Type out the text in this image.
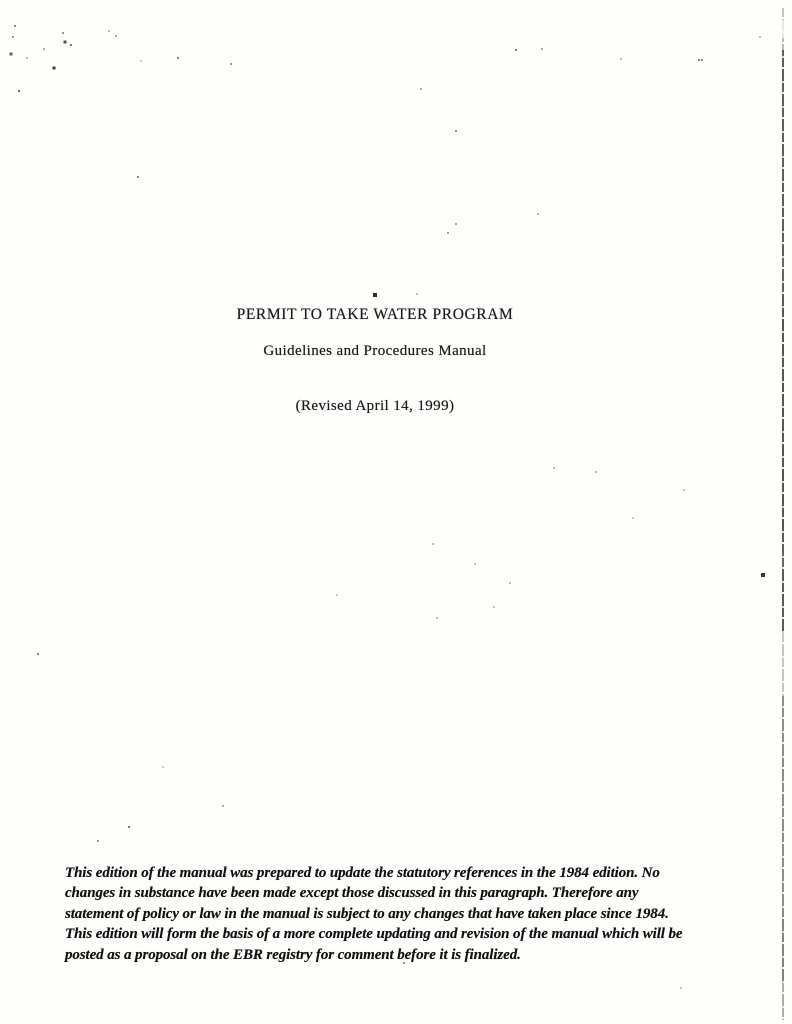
PERMIT TO TAKE WATER PROGRAM
Guidelines and Procedures Manual
(Revised April 14, 1999)
This edition of the manual was prepared to update the statutory references in the 1984 edition. No
changes in substance have been made except those discussed in this paragraph. Therefore any
statement of policy or law in the manual is subject to any changes that have taken place since 1984.
This edition will form the basis of a more complete updating and revision of the manual which will be
posted as a proposal on the EBR registry for comment before it is finalized.
